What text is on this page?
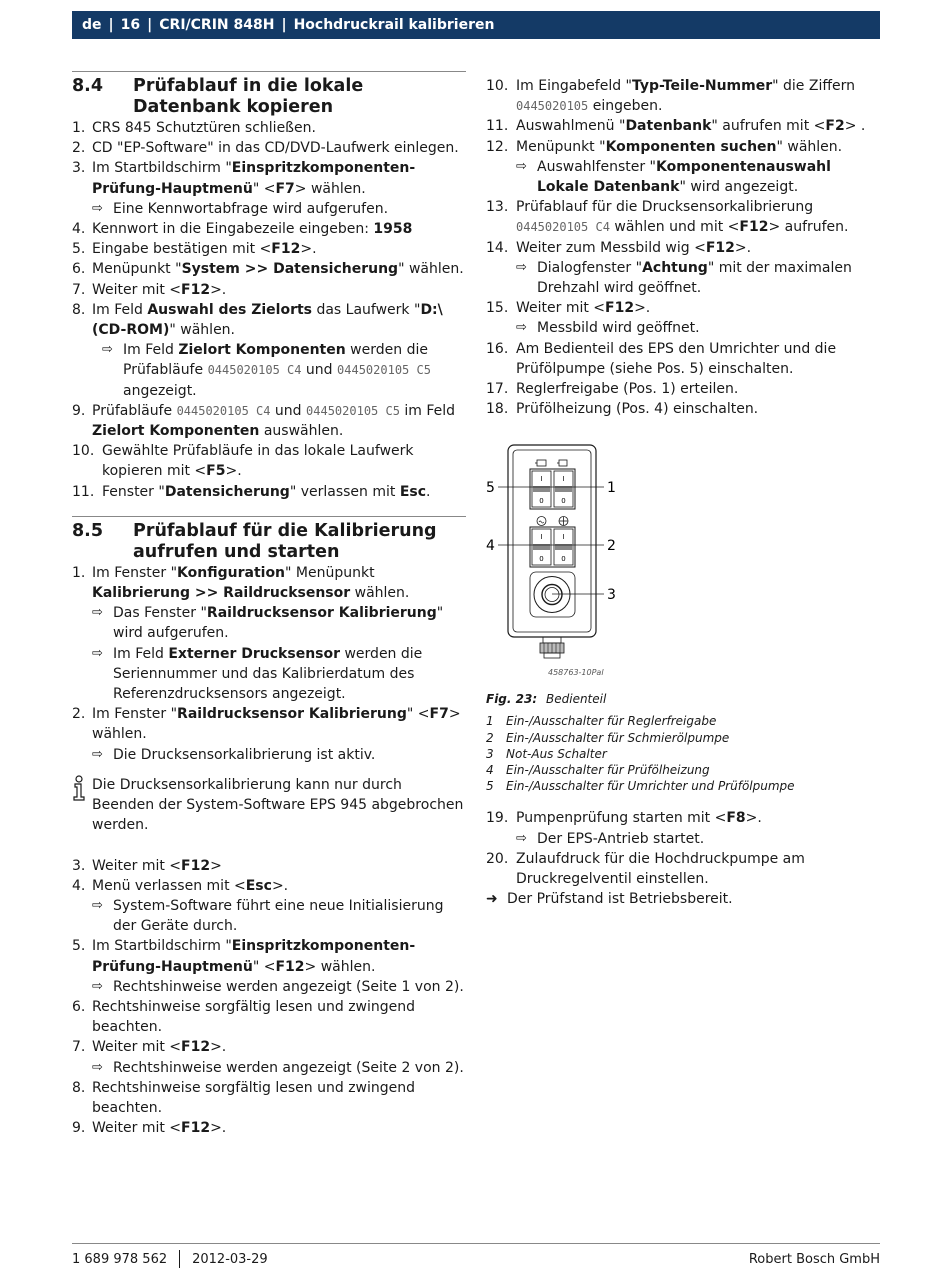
de | 16 | CRI/CRIN 848H | Hochdruckrail kalibrieren
8.4	Prüfablauf in die lokale Datenbank kopieren
1. CRS 845 Schutztüren schließen.
2. CD "EP-Software" in das CD/DVD-Laufwerk einlegen.
3. Im Startbildschirm "Einspritzkomponenten-Prüfung-Hauptmenü" <F7> wählen.
⇨ Eine Kennwortabfrage wird aufgerufen.
4. Kennwort in die Eingabezeile eingeben: 1958
5. Eingabe bestätigen mit <F12>.
6. Menüpunkt "System >> Datensicherung" wählen.
7. Weiter mit <F12>.
8. Im Feld Auswahl des Zielorts das Laufwerk "D:\ (CD-ROM)" wählen.
⇨ Im Feld Zielort Komponenten werden die Prüfabläufe 0445020105 C4 und 0445020105 C5 angezeigt.
9. Prüfabläufe 0445020105 C4 und 0445020105 C5 im Feld Zielort Komponenten auswählen.
10. Gewählte Prüfabläufe in das lokale Laufwerk kopieren mit <F5>.
11. Fenster "Datensicherung" verlassen mit Esc.
8.5	Prüfablauf für die Kalibrierung aufrufen und starten
1. Im Fenster "Konfiguration" Menüpunkt Kalibrierung >> Raildrucksensor wählen.
⇨ Das Fenster "Raildrucksensor Kalibrierung" wird aufgerufen.
⇨ Im Feld Externer Drucksensor werden die Seriennummer und das Kalibrierdatum des Referenzdrucksensors angezeigt.
2. Im Fenster "Raildrucksensor Kalibrierung" <F7> wählen.
⇨ Die Drucksensorkalibrierung ist aktiv.
Die Drucksensorkalibrierung kann nur durch Beenden der System-Software EPS 945 abgebrochen werden.
3. Weiter mit <F12>
4. Menü verlassen mit <Esc>.
⇨ System-Software führt eine neue Initialisierung der Geräte durch.
5. Im Startbildschirm "Einspritzkomponenten-Prüfung-Hauptmenü" <F12> wählen.
⇨ Rechtshinweise werden angezeigt (Seite 1 von 2).
6. Rechtshinweise sorgfältig lesen und zwingend beachten.
7. Weiter mit <F12>.
⇨ Rechtshinweise werden angezeigt (Seite 2 von 2).
8. Rechtshinweise sorgfältig lesen und zwingend beachten.
9. Weiter mit <F12>.
10. Im Eingabefeld "Typ-Teile-Nummer" die Ziffern 0445020105 eingeben.
11. Auswahlmenü "Datenbank" aufrufen mit <F2> .
12. Menüpunkt "Komponenten suchen" wählen.
⇨ Auswahlfenster "Komponentenauswahl Lokale Datenbank" wird angezeigt.
13. Prüfablauf für die Drucksensorkalibrierung 0445020105 C4 wählen und mit <F12> aufrufen.
14. Weiter zum Messbild wig <F12>.
⇨ Dialogfenster "Achtung" mit der maximalen Drehzahl wird geöffnet.
15. Weiter mit <F12>.
⇨ Messbild wird geöffnet.
16. Am Bedienteil des EPS den Umrichter und die Prüfölpumpe (siehe Pos. 5) einschalten.
17. Reglerfreigabe (Pos. 1) erteilen.
18. Prüfölheizung (Pos. 4) einschalten.
I	I
0	0
I	I
0	0
5	1
4	2
3
458763-10Pal
Fig. 23: Bedienteil
1	Ein-/Ausschalter für Reglerfreigabe
2	Ein-/Ausschalter für Schmierölpumpe
3	Not-Aus Schalter
4	Ein-/Ausschalter für Prüfölheizung
5	Ein-/Ausschalter für Umrichter und Prüfölpumpe
19. Pumpenprüfung starten mit <F8>.
⇨ Der EPS-Antrieb startet.
20. Zulaufdruck für die Hochdruckpumpe am Druckregelventil einstellen.
➜ Der Prüfstand ist Betriebsbereit.
1 689 978 562 2012-03-29	Robert Bosch GmbH
